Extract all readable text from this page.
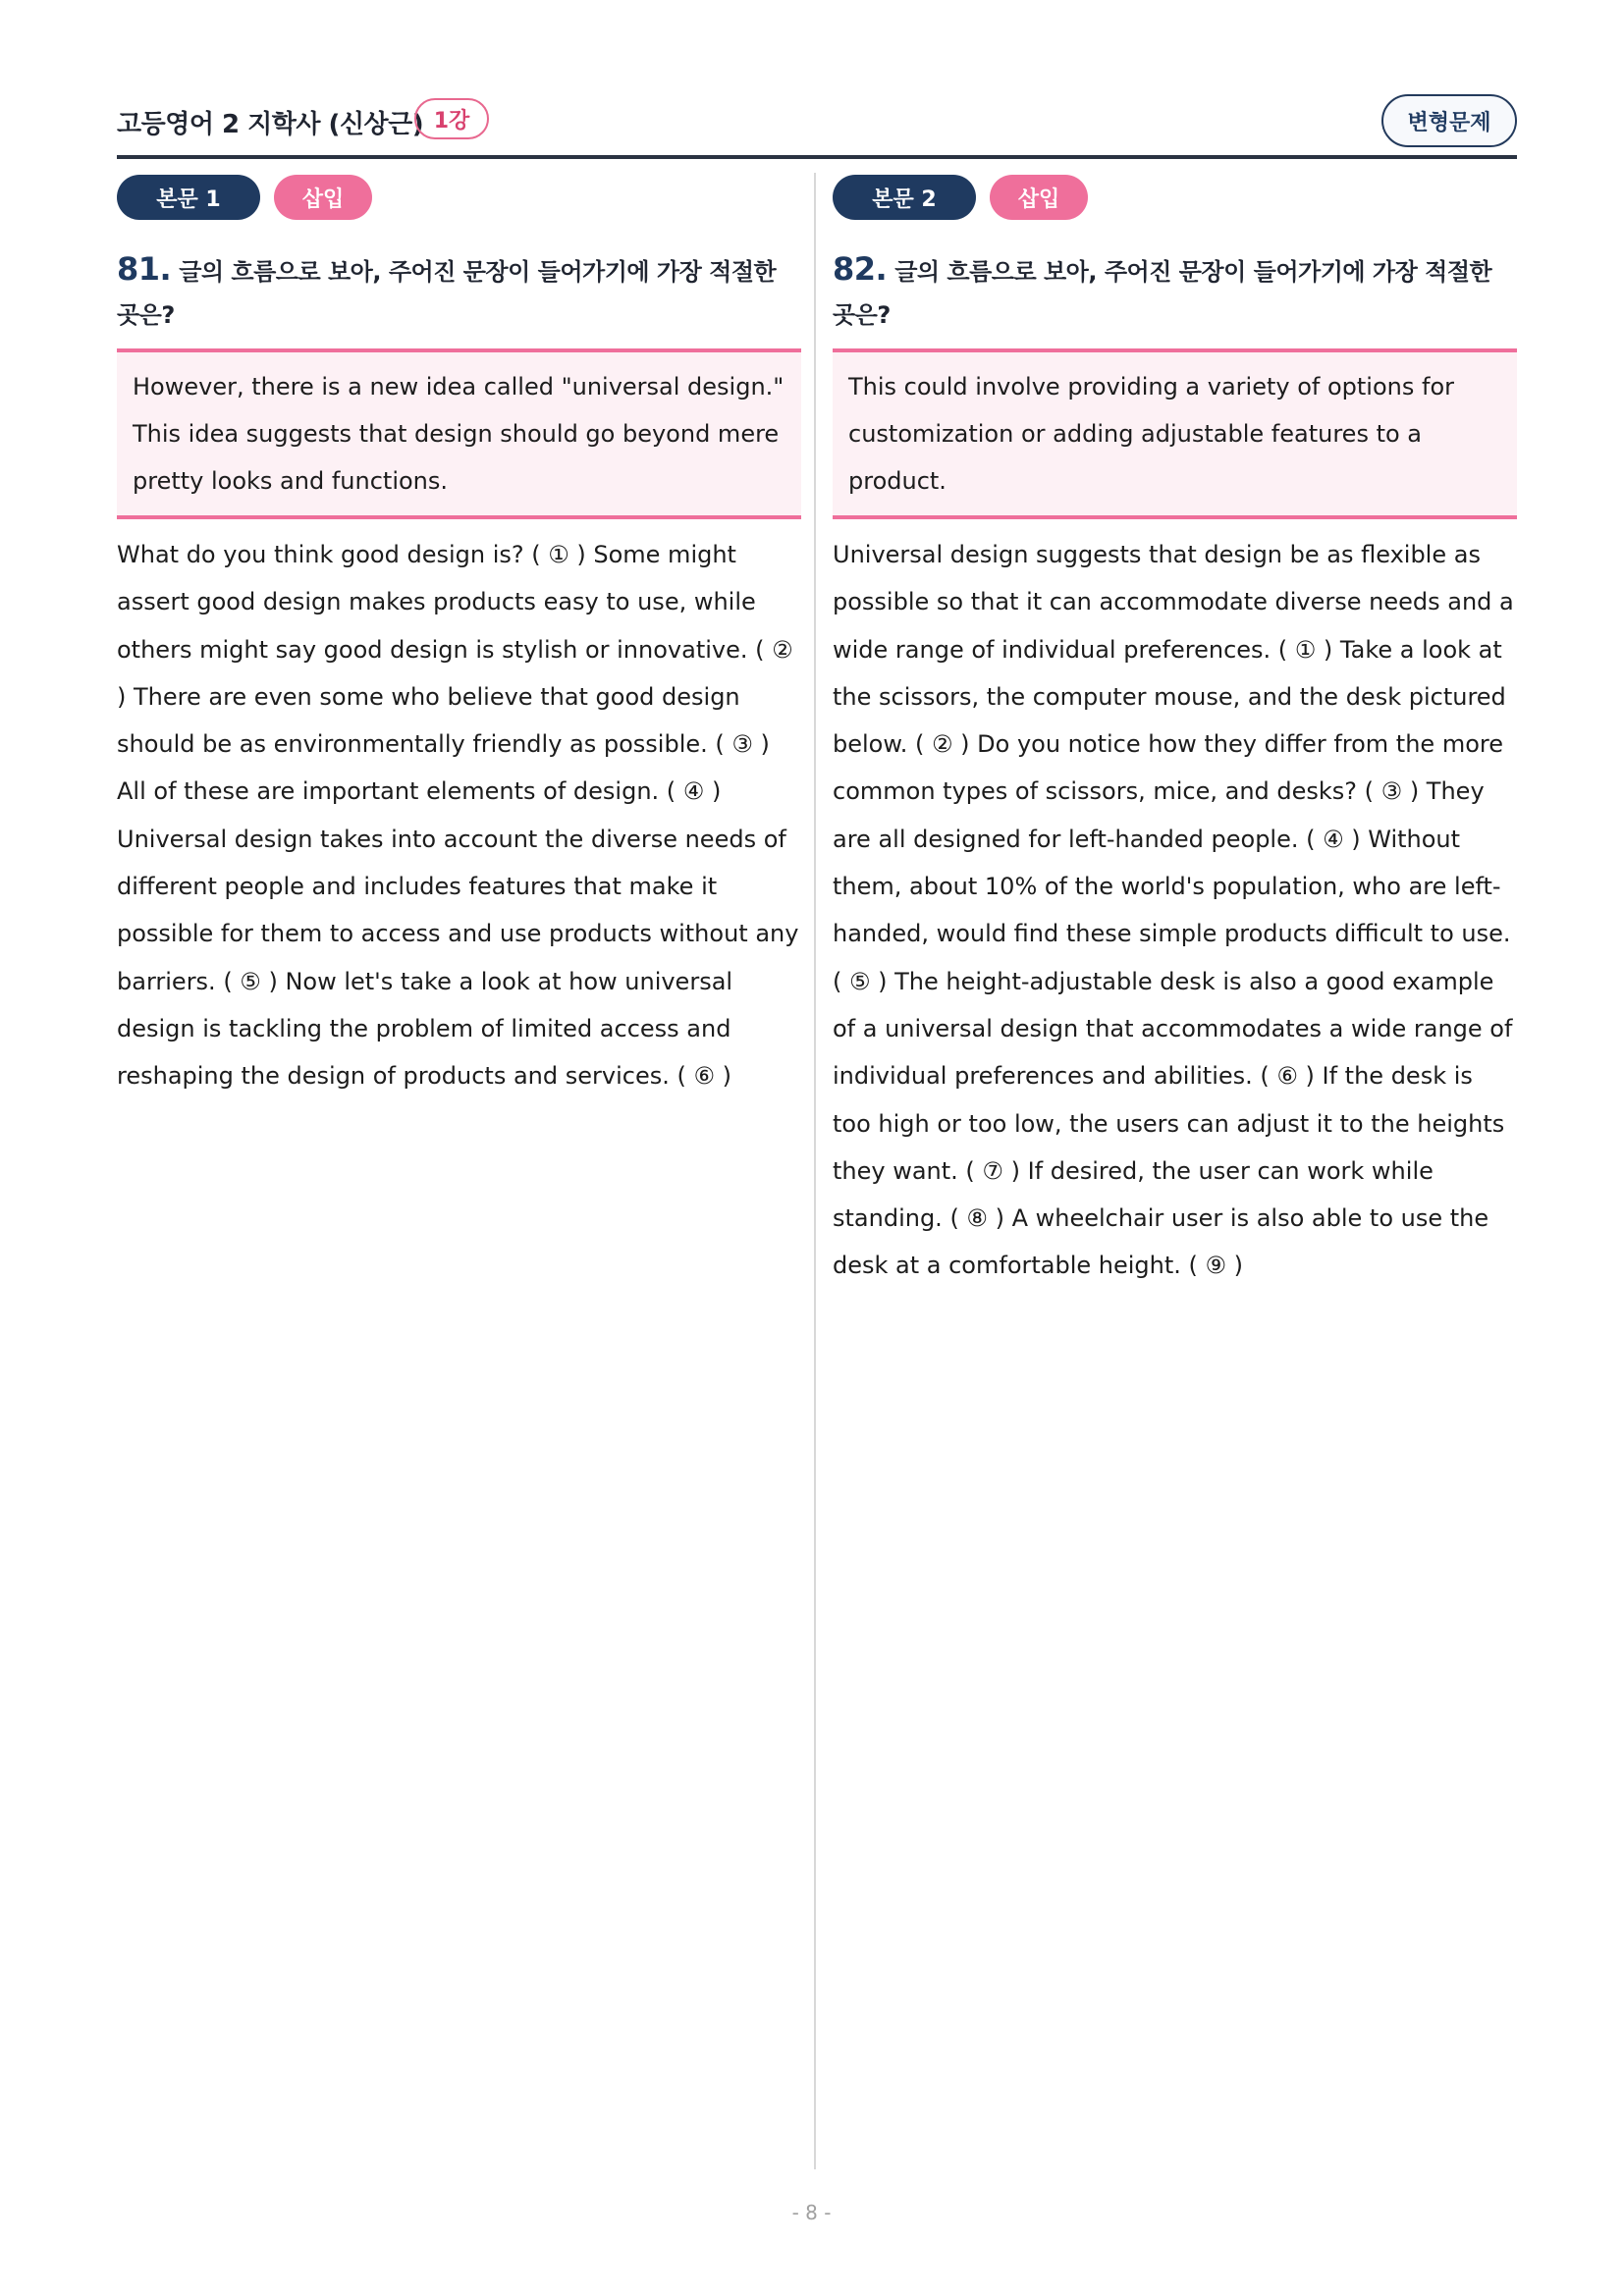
고등영어 2 지학사 (신상근) 1강	변형문제
본문 1	삽입
81. 글의 흐름으로 보아, 주어진 문장이 들어가기에 가장 적절한 곳은?
However, there is a new idea called "universal design." This idea suggests that design should go beyond mere pretty looks and functions.
What do you think good design is? ( ① ) Some might assert good design makes products easy to use, while others might say good design is stylish or innovative. ( ② ) There are even some who believe that good design should be as environmentally friendly as possible. ( ③ ) All of these are important elements of design. ( ④ ) Universal design takes into account the diverse needs of different people and includes features that make it possible for them to access and use products without any barriers. ( ⑤ ) Now let's take a look at how universal design is tackling the problem of limited access and reshaping the design of products and services. ( ⑥ )
본문 2	삽입
82. 글의 흐름으로 보아, 주어진 문장이 들어가기에 가장 적절한 곳은?
This could involve providing a variety of options for customization or adding adjustable features to a product.
Universal design suggests that design be as flexible as possible so that it can accommodate diverse needs and a wide range of individual preferences. ( ① ) Take a look at the scissors, the computer mouse, and the desk pictured below. ( ② ) Do you notice how they differ from the more common types of scissors, mice, and desks? ( ③ ) They are all designed for left-handed people. ( ④ ) Without them, about 10% of the world's population, who are left-handed, would find these simple products difficult to use. ( ⑤ ) The height-adjustable desk is also a good example of a universal design that accommodates a wide range of individual preferences and abilities. ( ⑥ ) If the desk is too high or too low, the users can adjust it to the heights they want. ( ⑦ ) If desired, the user can work while standing. ( ⑧ ) A wheelchair user is also able to use the desk at a comfortable height. ( ⑨ )
- 8 -
